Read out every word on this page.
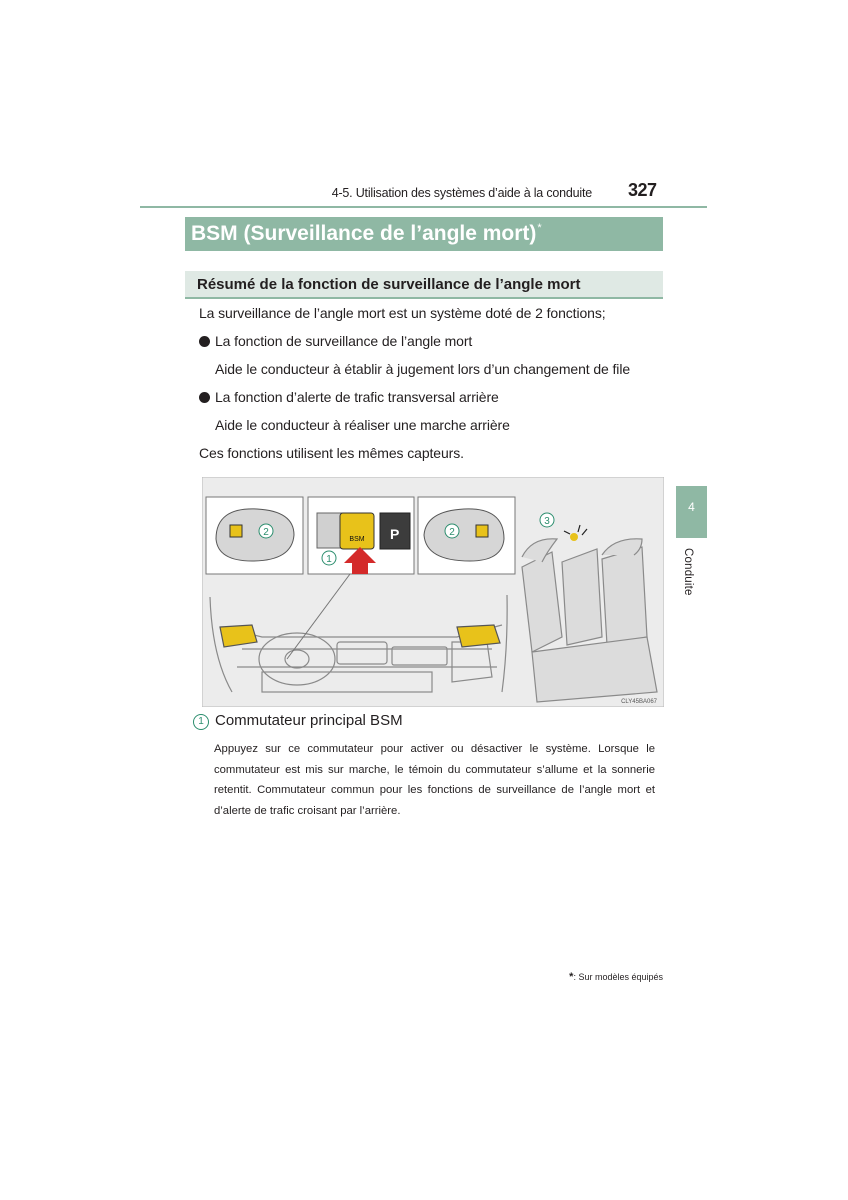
4-5. Utilisation des systèmes d’aide à la conduite 327
BSM (Surveillance de l’angle mort)*
Résumé de la fonction de surveillance de l’angle mort
La surveillance de l’angle mort est un système doté de 2 fonctions;
La fonction de surveillance de l’angle mort
Aide le conducteur à établir à jugement lors d’un changement de file
La fonction d’alerte de trafic transversal arrière
Aide le conducteur à réaliser une marche arrière
Ces fonctions utilisent les mêmes capteurs.
4
Conduite
2
BSM P
1
2
3
CLY45BA067
1 Commutateur principal BSM
Appuyez sur ce commutateur pour activer ou désactiver le système. Lorsque le commutateur est mis sur marche, le témoin du commutateur s’allume et la sonnerie retentit. Commutateur commun pour les fonctions de surveillance de l’angle mort et d’alerte de trafic croisant par l’arrière.
*: Sur modèles équipés
